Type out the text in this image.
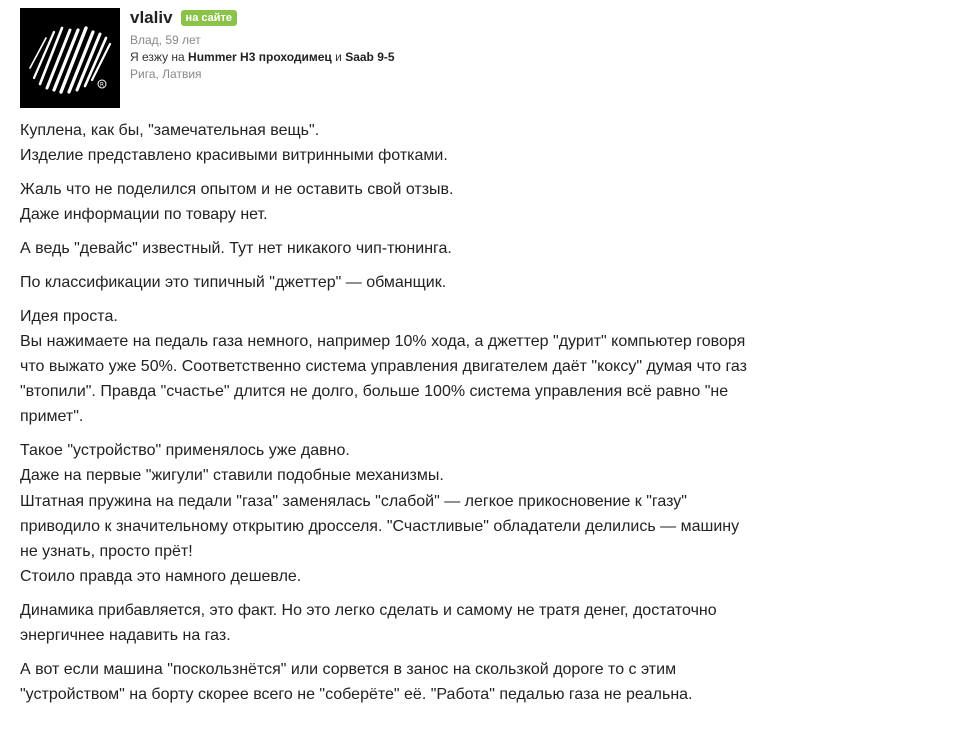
R
vlaliv	на сайте
Влад, 59 лет
Я езжу на Hummer H3 проходимец и Saab 9-5
Рига, Латвия

Куплена, как бы, "замечательная вещь".
Изделие представлено красивыми витринными фотками.

Жаль что не поделился опытом и не оставить свой отзыв.
Даже информации по товару нет.

А ведь "девайс" известный. Тут нет никакого чип-тюнинга.

По классификации это типичный "джеттер" — обманщик.

Идея проста.
Вы нажимаете на педаль газа немного, например 10% хода, а джеттер "дурит" компьютер говоря
что выжато уже 50%. Соответственно система управления двигателем даёт "коксу" думая что газ
"втопили". Правда "счастье" длится не долго, больше 100% система управления всё равно "не
примет".

Такое "устройство" применялось уже давно.
Даже на первые "жигули" ставили подобные механизмы.
Штатная пружина на педали "газа" заменялась "слабой" — легкое прикосновение к "газу"
приводило к значительному открытию дросселя. "Счастливые" обладатели делились — машину
не узнать, просто прёт!
Стоило правда это намного дешевле.

Динамика прибавляется, это факт. Но это легко сделать и самому не тратя денег, достаточно
энергичнее надавить на газ.

А вот если машина "поскользнётся" или сорвется в занос на скользкой дороге то с этим
"устройством" на борту скорее всего не "соберёте" её. "Работа" педалью газа не реальна.
